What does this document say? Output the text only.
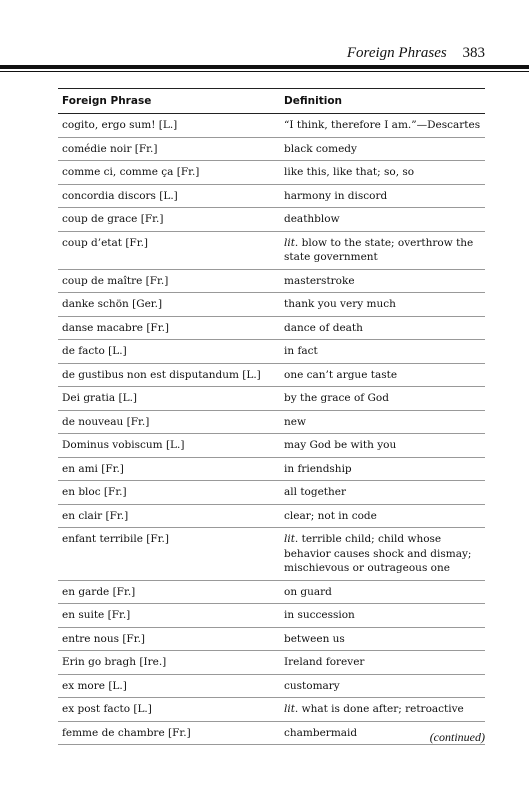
Foreign Phrases 383
Foreign Phrase	Definition
cogito, ergo sum! [L.]	“I think, therefore I am.”—Descartes
comédie noir [Fr.]	black comedy
comme ci, comme ça [Fr.]	like this, like that; so, so
concordia discors [L.]	harmony in discord
coup de grace [Fr.]	deathblow
coup d’etat [Fr.]	lit. blow to the state; overthrow the state government
coup de maître [Fr.]	masterstroke
danke schön [Ger.]	thank you very much
danse macabre [Fr.]	dance of death
de facto [L.]	in fact
de gustibus non est disputandum [L.]	one can’t argue taste
Dei gratia [L.]	by the grace of God
de nouveau [Fr.]	new
Dominus vobiscum [L.]	may God be with you
en ami [Fr.]	in friendship
en bloc [Fr.]	all together
en clair [Fr.]	clear; not in code
enfant terribile [Fr.]	lit. terrible child; child whose behavior causes shock and dismay; mischievous or outrageous one
en garde [Fr.]	on guard
en suite [Fr.]	in succession
entre nous [Fr.]	between us
Erin go bragh [Ire.]	Ireland forever
ex more [L.]	customary
ex post facto [L.]	lit. what is done after; retroactive
femme de chambre [Fr.]	chambermaid	(continued)
